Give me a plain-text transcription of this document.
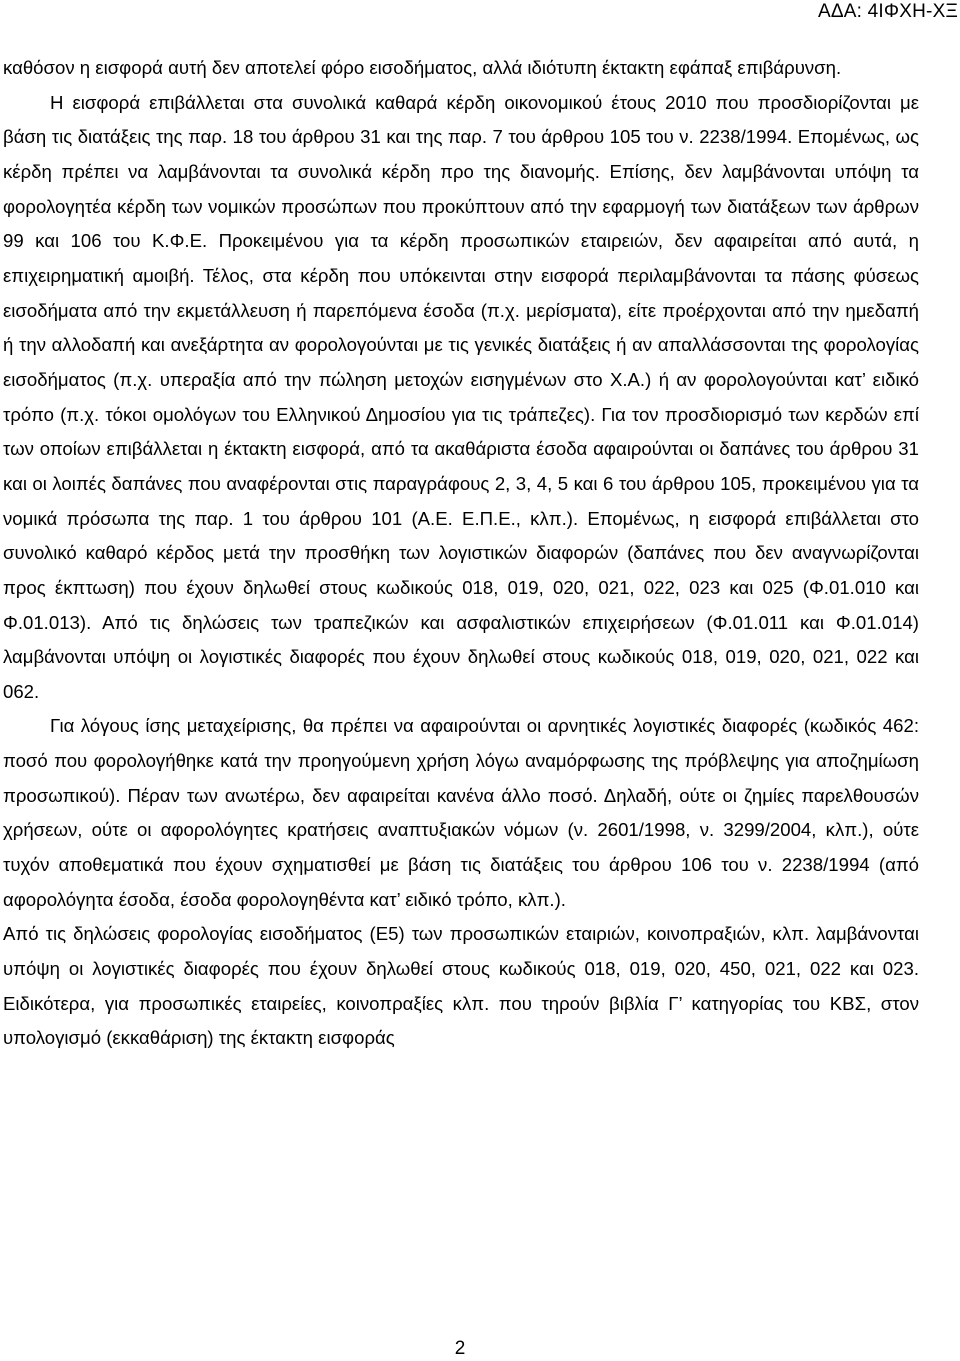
ΑΔΑ: 4ΙΦΧΗ-ΧΞ

καθόσον η εισφορά αυτή δεν αποτελεί φόρο εισοδήματος, αλλά ιδιότυπη έκτακτη εφάπαξ επιβάρυνση.

Η εισφορά επιβάλλεται στα συνολικά καθαρά κέρδη οικονομικού έτους 2010 που προσδιορίζονται με βάση τις διατάξεις της παρ. 18 του άρθρου 31 και της παρ. 7 του άρθρου 105 του ν. 2238/1994. Επομένως, ως κέρδη πρέπει να λαμβάνονται τα συνολικά κέρδη προ της διανομής. Επίσης, δεν λαμβάνονται υπόψη τα φορολογητέα κέρδη των νομικών προσώπων που προκύπτουν από την εφαρμογή των διατάξεων των άρθρων 99 και 106 του Κ.Φ.Ε. Προκειμένου για τα κέρδη προσωπικών εταιρειών, δεν αφαιρείται από αυτά, η επιχειρηματική αμοιβή. Τέλος, στα κέρδη που υπόκεινται στην εισφορά περιλαμβάνονται τα πάσης φύσεως εισοδήματα από την εκμετάλλευση ή παρεπόμενα έσοδα (π.χ. μερίσματα), είτε προέρχονται από την ημεδαπή ή την αλλοδαπή και ανεξάρτητα αν φορολογούνται με τις γενικές διατάξεις ή αν απαλλάσσονται της φορολογίας εισοδήματος (π.χ. υπεραξία από την πώληση μετοχών εισηγμένων στο Χ.Α.) ή αν φορολογούνται κατ’ ειδικό τρόπο (π.χ. τόκοι ομολόγων του Ελληνικού Δημοσίου για τις τράπεζες). Για τον προσδιορισμό των κερδών επί των οποίων επιβάλλεται η έκτακτη εισφορά, από τα ακαθάριστα έσοδα αφαιρούνται οι δαπάνες του άρθρου 31 και οι λοιπές δαπάνες που αναφέρονται στις παραγράφους 2, 3, 4, 5 και 6 του άρθρου 105, προκειμένου για τα νομικά πρόσωπα της παρ. 1 του άρθρου 101 (Α.Ε. Ε.Π.Ε., κλπ.). Επομένως, η εισφορά επιβάλλεται στο συνολικό καθαρό κέρδος μετά την προσθήκη των λογιστικών διαφορών (δαπάνες που δεν αναγνωρίζονται προς έκπτωση) που έχουν δηλωθεί στους κωδικούς 018, 019, 020, 021, 022, 023 και 025 (Φ.01.010 και Φ.01.013). Από τις δηλώσεις των τραπεζικών και ασφαλιστικών επιχειρήσεων (Φ.01.011 και Φ.01.014) λαμβάνονται υπόψη οι λογιστικές διαφορές που έχουν δηλωθεί στους κωδικούς 018, 019, 020, 021, 022 και 062.

Για λόγους ίσης μεταχείρισης, θα πρέπει να αφαιρούνται οι αρνητικές λογιστικές διαφορές (κωδικός 462: ποσό που φορολογήθηκε κατά την προηγούμενη χρήση λόγω αναμόρφωσης της πρόβλεψης για αποζημίωση προσωπικού). Πέραν των ανωτέρω, δεν αφαιρείται κανένα άλλο ποσό. Δηλαδή, ούτε οι ζημίες παρελθουσών χρήσεων, ούτε οι αφορολόγητες κρατήσεις αναπτυξιακών νόμων (ν. 2601/1998, ν. 3299/2004, κλπ.), ούτε τυχόν αποθεματικά που έχουν σχηματισθεί με βάση τις διατάξεις του άρθρου 106 του ν. 2238/1994 (από αφορολόγητα έσοδα, έσοδα φορολογηθέντα κατ’ ειδικό τρόπο, κλπ.).

Από τις δηλώσεις φορολογίας εισοδήματος (Ε5) των προσωπικών εταιριών, κοινοπραξιών, κλπ. λαμβάνονται υπόψη οι λογιστικές διαφορές που έχουν δηλωθεί στους κωδικούς 018, 019, 020, 450, 021, 022 και 023. Ειδικότερα, για προσωπικές εταιρείες, κοινοπραξίες κλπ. που τηρούν βιβλία Γ’ κατηγορίας του ΚΒΣ, στον υπολογισμό (εκκαθάριση) της έκτακτη εισφοράς

2
